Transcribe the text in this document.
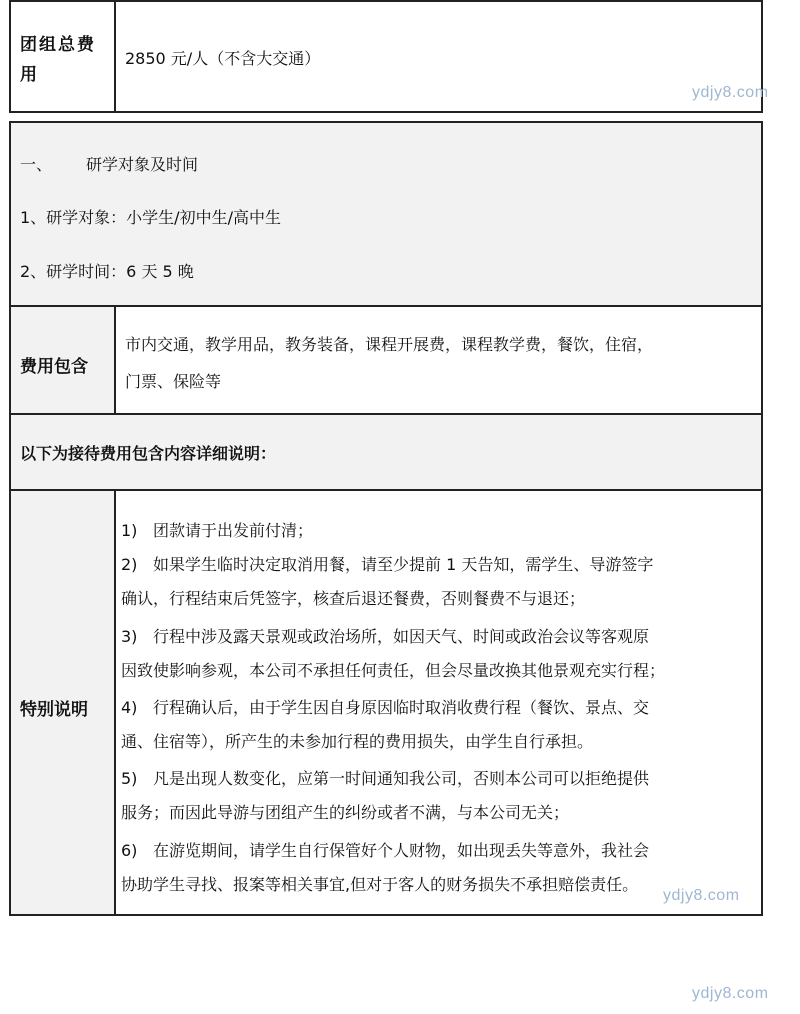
团组总费用
2850 元/人（不含大交通）
一、 研学对象及时间
1、研学对象：小学生/初中生/高中生
2、研学时间：6 天 5 晚
费用包含
市内交通，教学用品，教务装备，课程开展费，课程教学费，餐饮，住宿，
门票、保险等
以下为接待费用包含内容详细说明：
特别说明
1) 团款请于出发前付清；
2) 如果学生临时决定取消用餐，请至少提前 1 天告知，需学生、导游签字
确认，行程结束后凭签字，核查后退还餐费，否则餐费不与退还；
3) 行程中涉及露天景观或政治场所，如因天气、时间或政治会议等客观原
因致使影响参观，本公司不承担任何责任，但会尽量改换其他景观充实行程；
4) 行程确认后，由于学生因自身原因临时取消收费行程（餐饮、景点、交
通、住宿等），所产生的未参加行程的费用损失，由学生自行承担。
5) 凡是出现人数变化，应第一时间通知我公司，否则本公司可以拒绝提供
服务；而因此导游与团组产生的纠纷或者不满，与本公司无关；
6) 在游览期间，请学生自行保管好个人财物，如出现丢失等意外，我社会
协助学生寻找、报案等相关事宜,但对于客人的财务损失不承担赔偿责任。
ydjy8.com
ydjy8.com
ydjy8.com
